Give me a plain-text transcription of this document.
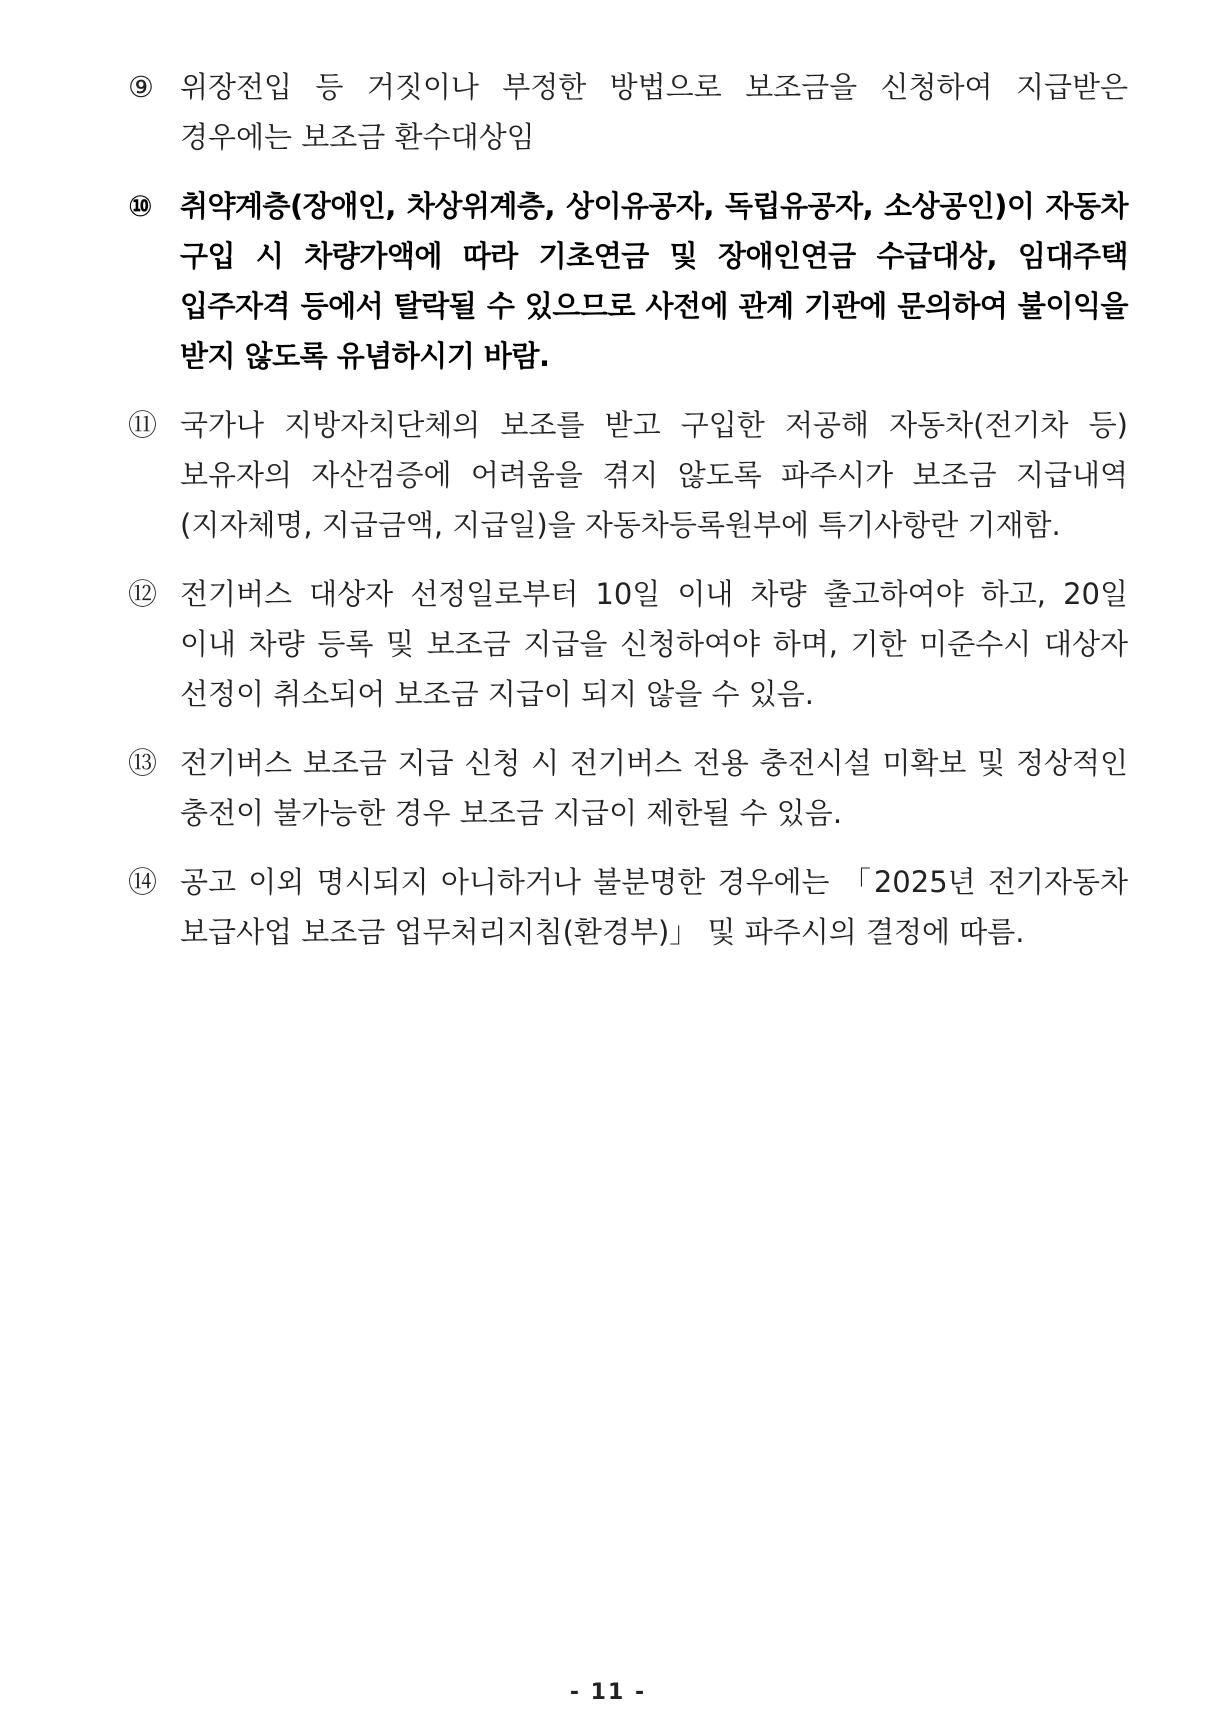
⑨ 위장전입 등 거짓이나 부정한 방법으로 보조금을 신청하여 지급받은 경우에는 보조금 환수대상임
⑩ 취약계층(장애인, 차상위계층, 상이유공자, 독립유공자, 소상공인)이 자동차 구입 시 차량가액에 따라 기초연금 및 장애인연금 수급대상, 임대주택 입주자격 등에서 탈락될 수 있으므로 사전에 관계 기관에 문의하여 불이익을 받지 않도록 유념하시기 바람.
⑪ 국가나 지방자치단체의 보조를 받고 구입한 저공해 자동차(전기차 등) 보유자의 자산검증에 어려움을 겪지 않도록 파주시가 보조금 지급내역 (지자체명, 지급금액, 지급일)을 자동차등록원부에 특기사항란 기재함.
⑫ 전기버스 대상자 선정일로부터 10일 이내 차량 출고하여야 하고, 20일 이내 차량 등록 및 보조금 지급을 신청하여야 하며, 기한 미준수시 대상자 선정이 취소되어 보조금 지급이 되지 않을 수 있음.
⑬ 전기버스 보조금 지급 신청 시 전기버스 전용 충전시설 미확보 및 정상적인 충전이 불가능한 경우 보조금 지급이 제한될 수 있음.
⑭ 공고 이외 명시되지 아니하거나 불분명한 경우에는 「2025년 전기자동차 보급사업 보조금 업무처리지침(환경부)」 및 파주시의 결정에 따름.
- 11 -
